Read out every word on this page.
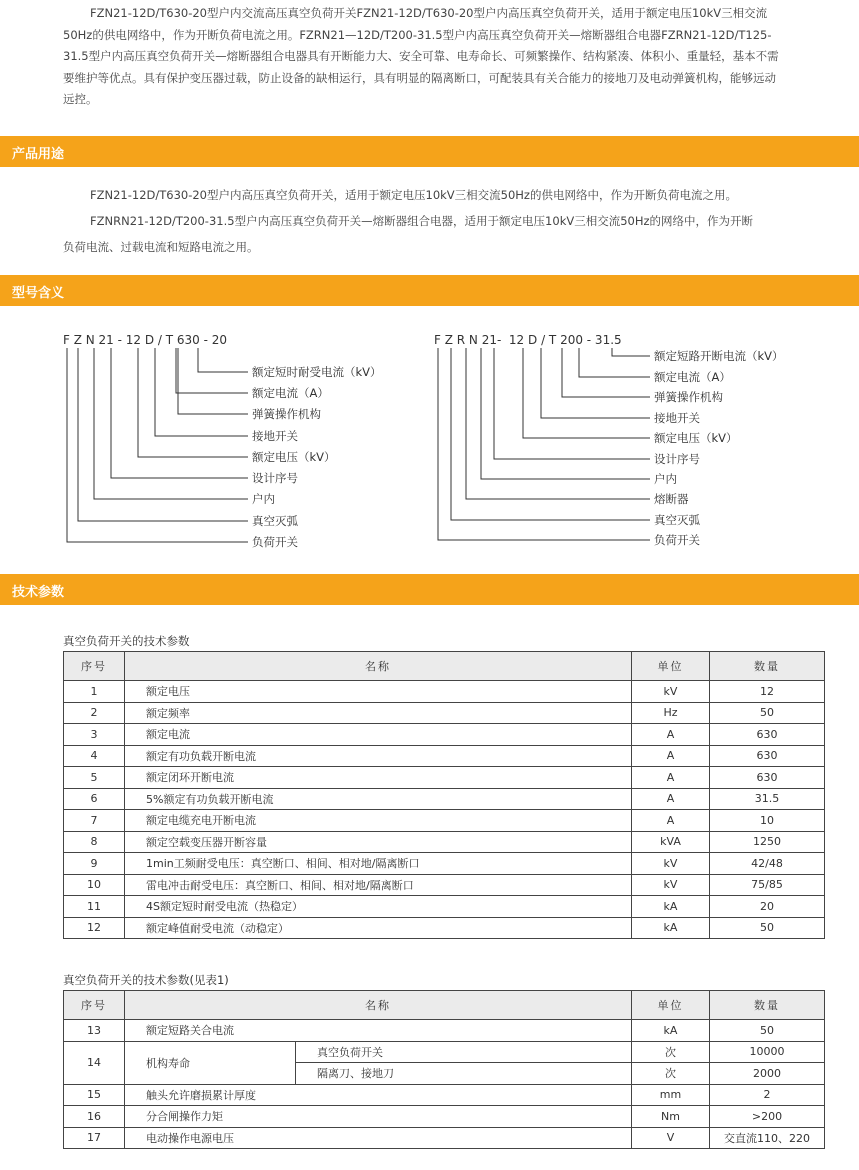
FZN21-12D/T630-20型户内交流高压真空负荷开关FZN21-12D/T630-20型户内高压真空负荷开关，适用于额定电压10kV三相交流
50Hz的供电网络中，作为开断负荷电流之用。FZRN21—12D/T200-31.5型户内高压真空负荷开关—熔断器组合电器FZRN21-12D/T125-
31.5型户内高压真空负荷开关—熔断器组合电器具有开断能力大、安全可靠、电寿命长、可频繁操作、结构紧凑、体积小、重量轻，基本不需
要维护等优点。具有保护变压器过载，防止设备的缺相运行，具有明显的隔离断口，可配装具有关合能力的接地刀及电动弹簧机构，能够远动
远控。
产品用途
FZN21-12D/T630-20型户内高压真空负荷开关，适用于额定电压10kV三相交流50Hz的供电网络中，作为开断负荷电流之用。
FZNRN21-12D/T200-31.5型户内高压真空负荷开关—熔断器组合电器，适用于额定电压10kV三相交流50Hz的网络中，作为开断
负荷电流、过载电流和短路电流之用。
型号含义
F Z N 21 - 12 D / T 630 - 20	F Z R N 21-  12 D / T 200 - 31.5
额定短时耐受电流（kV）
额定电流（A）
弹簧操作机构
接地开关
额定电压（kV）
设计序号
户内
真空灭弧
负荷开关
额定短路开断电流（kV）
额定电流（A）
弹簧操作机构
接地开关
额定电压（kV）
设计序号
户内
熔断器
真空灭弧
负荷开关
技术参数
真空负荷开关的技术参数
序号	名称	单位	数量
1	额定电压	kV	12
2	额定频率	Hz	50
3	额定电流	A	630
4	额定有功负载开断电流	A	630
5	额定闭环开断电流	A	630
6	5%额定有功负载开断电流	A	31.5
7	额定电缆充电开断电流	A	10
8	额定空载变压器开断容量	kVA	1250
9	1min工频耐受电压：真空断口、相间、相对地/隔离断口	kV	42/48
10	雷电冲击耐受电压：真空断口、相间、相对地/隔离断口	kV	75/85
11	4S额定短时耐受电流（热稳定）	kA	20
12	额定峰值耐受电流（动稳定）	kA	50
真空负荷开关的技术参数(见表1)
序号	名称		单位	数量
13	额定短路关合电流		kA	50
14	机构寿命	真空负荷开关	次	10000
		隔离刀、接地刀	次	2000
15	触头允许磨损累计厚度		mm	2
16	分合闸操作力矩		Nm	>200
17	电动操作电源电压		V	交直流110、220
